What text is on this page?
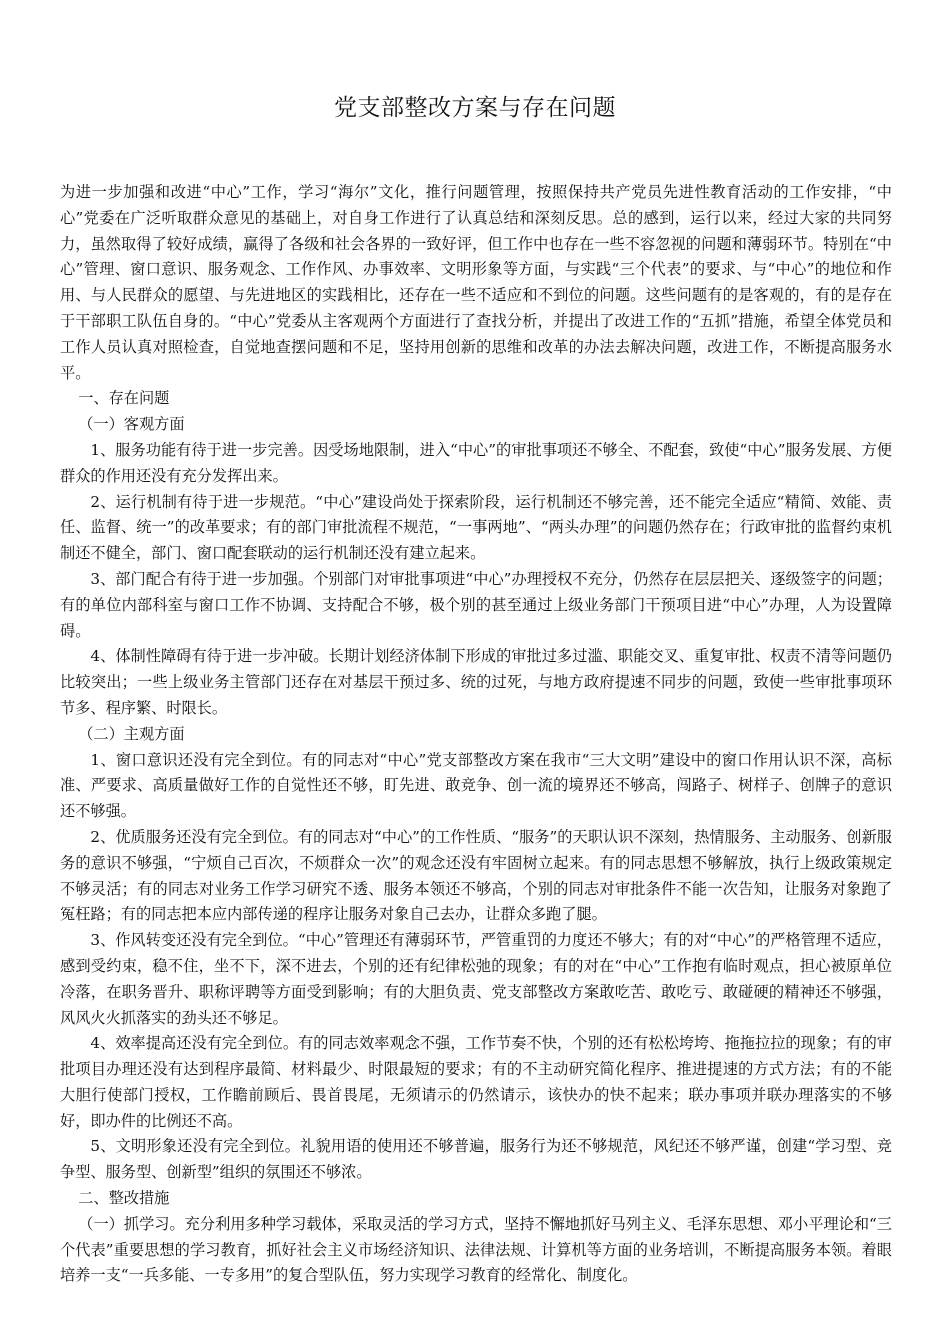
党支部整改方案与存在问题

为进一步加强和改进“中心”工作，学习“海尔”文化，推行问题管理，按照保持共产党员先进性教育活动的工作安排，“中心”党委在广泛听取群众意见的基础上，对自身工作进行了认真总结和深刻反思。总的感到，运行以来，经过大家的共同努力，虽然取得了较好成绩，赢得了各级和社会各界的一致好评，但工作中也存在一些不容忽视的问题和薄弱环节。特别在“中心”管理、窗口意识、服务观念、工作作风、办事效率、文明形象等方面，与实践“三个代表”的要求、与“中心”的地位和作用、与人民群众的愿望、与先进地区的实践相比，还存在一些不适应和不到位的问题。这些问题有的是客观的，有的是存在于干部职工队伍自身的。“中心”党委从主客观两个方面进行了查找分析，并提出了改进工作的“五抓”措施，希望全体党员和工作人员认真对照检查，自觉地查摆问题和不足，坚持用创新的思维和改革的办法去解决问题，改进工作，不断提高服务水平。

一、存在问题

（一）客观方面

1、服务功能有待于进一步完善。因受场地限制，进入“中心”的审批事项还不够全、不配套，致使“中心”服务发展、方便群众的作用还没有充分发挥出来。

2、运行机制有待于进一步规范。“中心”建设尚处于探索阶段，运行机制还不够完善，还不能完全适应“精简、效能、责任、监督、统一”的改革要求；有的部门审批流程不规范，“一事两地”、“两头办理”的问题仍然存在；行政审批的监督约束机制还不健全，部门、窗口配套联动的运行机制还没有建立起来。

3、部门配合有待于进一步加强。个别部门对审批事项进“中心”办理授权不充分，仍然存在层层把关、逐级签字的问题；有的单位内部科室与窗口工作不协调、支持配合不够，极个别的甚至通过上级业务部门干预项目进“中心”办理，人为设置障碍。

4、体制性障碍有待于进一步冲破。长期计划经济体制下形成的审批过多过滥、职能交叉、重复审批、权责不清等问题仍比较突出；一些上级业务主管部门还存在对基层干预过多、统的过死，与地方政府提速不同步的问题，致使一些审批事项环节多、程序繁、时限长。

（二）主观方面

1、窗口意识还没有完全到位。有的同志对“中心”党支部整改方案在我市“三大文明”建设中的窗口作用认识不深，高标准、严要求、高质量做好工作的自觉性还不够，盯先进、敢竞争、创一流的境界还不够高，闯路子、树样子、创牌子的意识还不够强。

2、优质服务还没有完全到位。有的同志对“中心”的工作性质、“服务”的天职认识不深刻，热情服务、主动服务、创新服务的意识不够强，“宁烦自己百次，不烦群众一次”的观念还没有牢固树立起来。有的同志思想不够解放，执行上级政策规定不够灵活；有的同志对业务工作学习研究不透、服务本领还不够高，个别的同志对审批条件不能一次告知，让服务对象跑了冤枉路；有的同志把本应内部传递的程序让服务对象自己去办，让群众多跑了腿。

3、作风转变还没有完全到位。“中心”管理还有薄弱环节，严管重罚的力度还不够大；有的对“中心”的严格管理不适应，感到受约束，稳不住，坐不下，深不进去，个别的还有纪律松弛的现象；有的对在“中心”工作抱有临时观点，担心被原单位冷落，在职务晋升、职称评聘等方面受到影响；有的大胆负责、党支部整改方案敢吃苦、敢吃亏、敢碰硬的精神还不够强，风风火火抓落实的劲头还不够足。

4、效率提高还没有完全到位。有的同志效率观念不强，工作节奏不快，个别的还有松松垮垮、拖拖拉拉的现象；有的审批项目办理还没有达到程序最简、材料最少、时限最短的要求；有的不主动研究简化程序、推进提速的方式方法；有的不能大胆行使部门授权，工作瞻前顾后、畏首畏尾，无须请示的仍然请示，该快办的快不起来；联办事项并联办理落实的不够好，即办件的比例还不高。

5、文明形象还没有完全到位。礼貌用语的使用还不够普遍，服务行为还不够规范，风纪还不够严谨，创建“学习型、竞争型、服务型、创新型”组织的氛围还不够浓。

二、整改措施

（一）抓学习。充分利用多种学习载体，采取灵活的学习方式，坚持不懈地抓好马列主义、毛泽东思想、邓小平理论和“三个代表”重要思想的学习教育，抓好社会主义市场经济知识、法律法规、计算机等方面的业务培训，不断提高服务本领。着眼培养一支“一兵多能、一专多用”的复合型队伍，努力实现学习教育的经常化、制度化。
